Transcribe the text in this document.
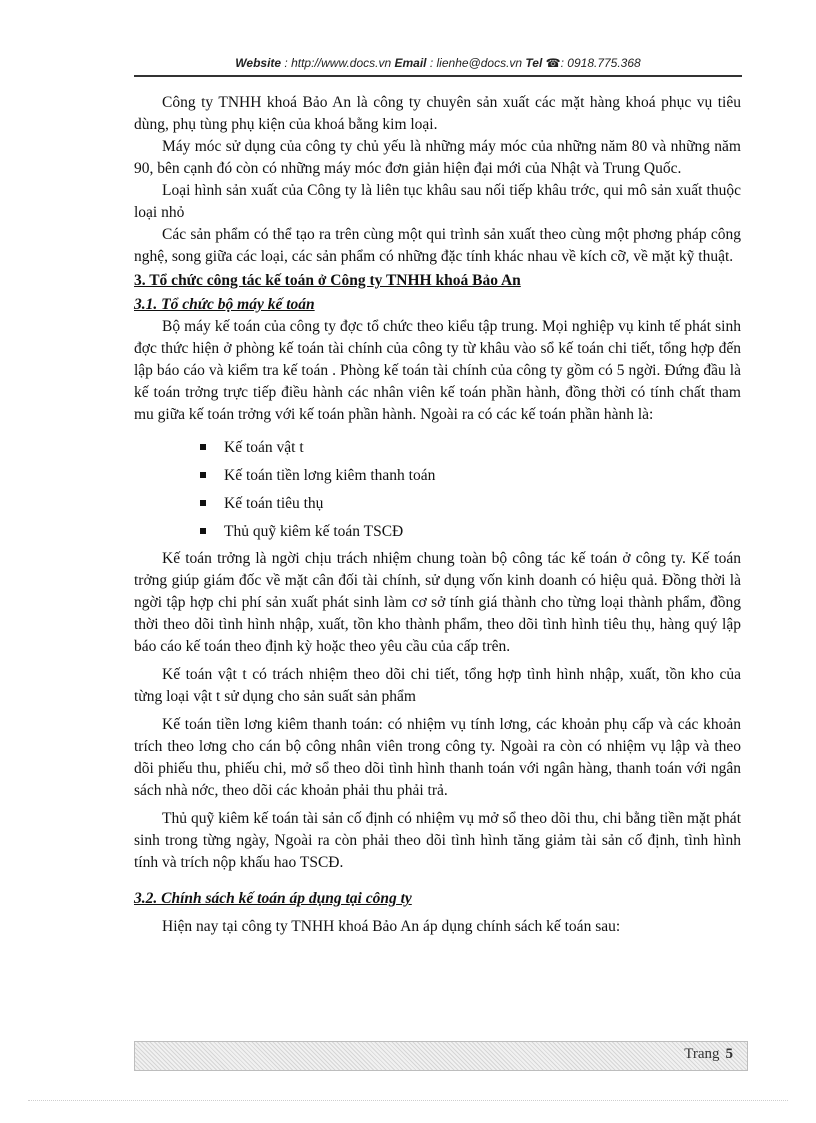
Website : http://www.docs.vn Email : lienhe@docs.vn Tel ☎: 0918.775.368

Công ty TNHH khoá Bảo An là công ty chuyên sản xuất các mặt hàng khoá phục vụ tiêu dùng, phụ tùng phụ kiện của khoá bằng kim loại.

Máy móc sử dụng của công ty chủ yếu là những máy móc của những năm 80 và những năm 90, bên cạnh đó còn có những máy móc đơn giản hiện đại mới của Nhật và Trung Quốc.

Loại hình sản xuất của Công ty là liên tục khâu sau nối tiếp khâu trớc, qui mô sản xuất thuộc loại nhỏ

Các sản phẩm có thể tạo ra trên cùng một qui trình sản xuất theo cùng một phơng pháp công nghệ, song giữa các loại, các sản phẩm có những đặc tính khác nhau về kích cỡ, về mặt kỹ thuật.

3. Tổ chức công tác kế toán ở Công ty TNHH khoá Bảo An
3.1. Tổ chức bộ máy kế toán

Bộ máy kế toán của công ty đợc tổ chức theo kiểu tập trung. Mọi nghiệp vụ kinh tế phát sinh đợc thức hiện ở phòng kế toán tài chính của công ty từ khâu vào sổ kế toán chi tiết, tổng hợp đến lập báo cáo và kiểm tra kế toán . Phòng kế toán tài chính của công ty gồm có 5 ngời. Đứng đầu là kế toán trởng trực tiếp điều hành các nhân viên kế toán phần hành, đồng thời có tính chất tham mu giữa kế toán trởng với kế toán phần hành. Ngoài ra có các kế toán phần hành là:

Kế toán vật t
Kế toán tiền lơng kiêm thanh toán
Kế toán tiêu thụ
Thủ quỹ kiêm kế toán TSCĐ

Kế toán trởng là ngời chịu trách nhiệm chung toàn bộ công tác kế toán ở công ty. Kế toán trởng giúp giám đốc về mặt cân đối tài chính, sử dụng vốn kinh doanh có hiệu quả. Đồng thời là ngời tập hợp chi phí sản xuất phát sinh làm cơ sở tính giá thành cho từng loại thành phẩm, đồng thời theo dõi tình hình nhập, xuất, tồn kho thành phẩm, theo dõi tình hình tiêu thụ, hàng quý lập báo cáo kế toán theo định kỳ hoặc theo yêu cầu của cấp trên.

Kế toán vật t có trách nhiệm theo dõi chi tiết, tổng hợp tình hình nhập, xuất, tồn kho của từng loại vật t sử dụng cho sản suất sản phẩm

Kế toán tiền lơng kiêm thanh toán: có nhiệm vụ tính lơng, các khoản phụ cấp và các khoản trích theo lơng cho cán bộ công nhân viên trong công ty. Ngoài ra còn có nhiệm vụ lập và theo dõi phiếu thu, phiếu chi, mở sổ theo dõi tình hình thanh toán với ngân hàng, thanh toán với ngân sách nhà nớc, theo dõi các khoản phải thu phải trả.

Thủ quỹ kiêm kế toán tài sản cố định có nhiệm vụ mở sổ theo dõi thu, chi bằng tiền mặt phát sinh trong từng ngày, Ngoài ra còn phải theo dõi tình hình tăng giảm tài sản cố định, tình hình tính và trích nộp khấu hao TSCĐ.

3.2. Chính sách kế toán áp dụng tại công ty

Hiện nay tại công ty TNHH khoá Bảo An áp dụng chính sách kế toán sau:

Trang 5
